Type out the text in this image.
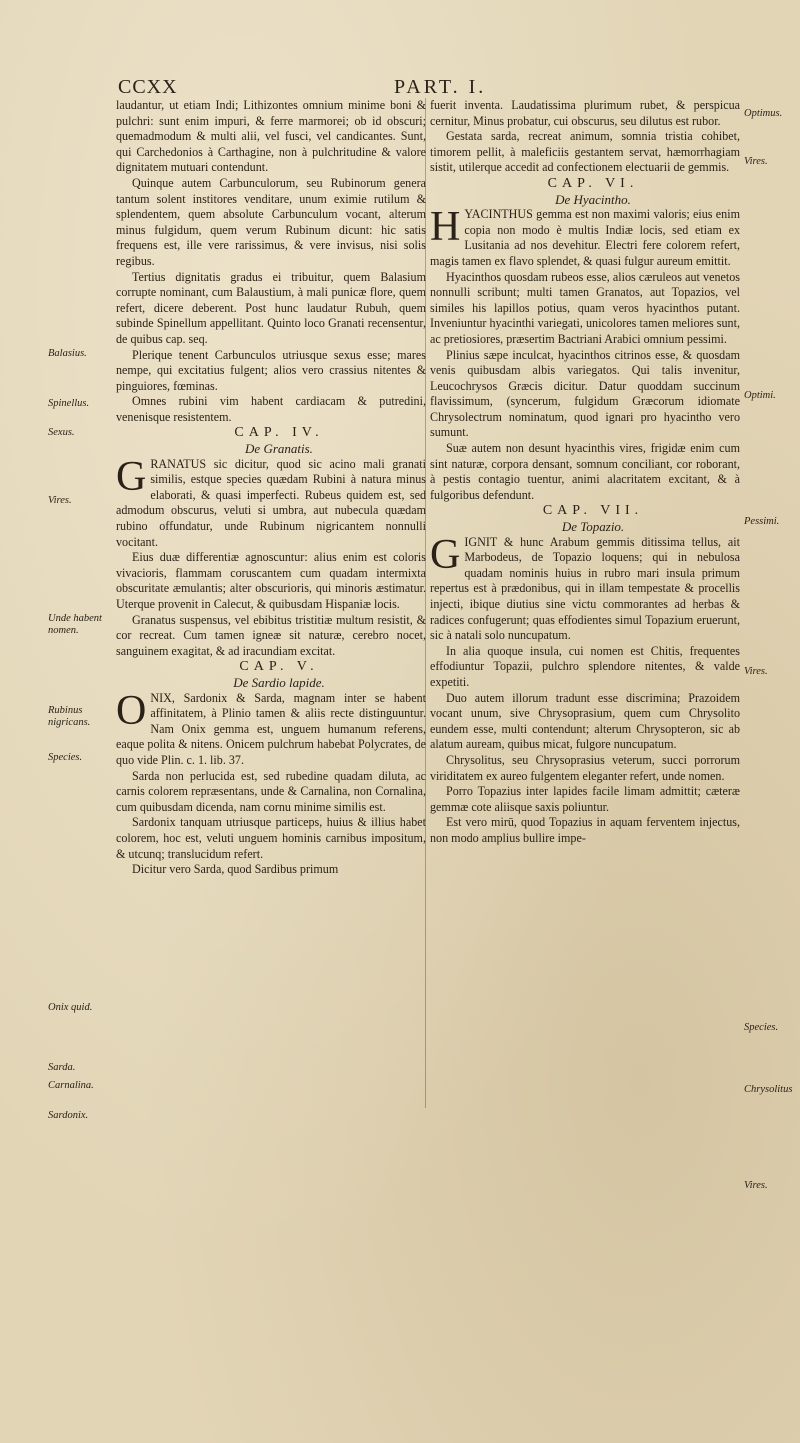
CCXX	PART. I.

laudantur, ut etiam Indi; Lithizontes omnium minime boni & pulchri: sunt enim impuri, & ferre marmorei; ob id obscuri; quemadmodum & multi alii, vel fusci, vel candicantes. Sunt, qui Carchedonios à Carthagine, non à pulchritudine & valore dignitatem mutuari contendunt.

Quinque autem Carbunculorum, seu Rubinorum genera tantum solent institores venditare, unum eximie rutilum & splendentem, quem absolute Carbunculum vocant, alterum minus fulgidum, quem verum Rubinum dicunt: hic satis frequens est, ille vere rarissimus, & vere invisus, nisi solis regibus.

Tertius dignitatis gradus ei tribuitur, quem Balasium corrupte nominant, cum Balaustium, à mali punicæ flore, quem refert, dicere deberent. Post hunc laudatur Rubuh, quem subinde Spinellum appellitant. Quinto loco Granati recensentur, de quibus cap. seq.

Plerique tenent Carbunculos utriusque sexus esse; mares nempe, qui excitatius fulgent; alios vero crassius nitentes & pinguiores, fœminas.

Omnes rubini vim habent cardiacam & putredini, venenisque resistentem.

CAP. IV.

De Granatis.

G RANATUS sic dicitur, quod sic acino mali granati similis, estque species quædam Rubini à natura minus elaborati, & quasi imperfecti. Rubeus quidem est, sed admodum obscurus, veluti si umbra, aut nubecula quædam rubino offundatur, unde Rubinum nigricantem nonnulli vocitant.

Eius duæ differentiæ agnoscuntur: alius enim est coloris vivacioris, flammam coruscantem cum quadam intermixta obscuritate æmulantis; alter obscurioris, qui minoris æstimatur. Uterque provenit in Calecut, & quibusdam Hispaniæ locis.

Granatus suspensus, vel ebibitus tristitiæ multum resistit, & cor recreat. Cum tamen igneæ sit naturæ, cerebro nocet, sanguinem exagitat, & ad iracundiam excitat.

CAP. V.

De Sardio lapide.

O NIX, Sardonix & Sarda, magnam inter se habent affinitatem, à Plinio tamen & aliis recte distinguuntur. Nam Onix gemma est, unguem humanum referens, eaque polita & nitens. Onicem pulchrum habebat Polycrates, de quo vide Plin. c. 1. lib. 37.

Sarda non perlucida est, sed rubedine quadam diluta, ac carnis colorem repræsentans, unde & Carnalina, non Cornalina, cum quibusdam dicenda, nam cornu minime similis est.

Sardonix tanquam utriusque particeps, huius & illius habet colorem, hoc est, veluti unguem hominis carnibus impositum, & utcunq; translucidum refert.

Dicitur vero Sarda, quod Sardibus primum

fuerit inventa. Laudatissima plurimum rubet, & perspicua cernitur, Minus probatur, cui obscurus, seu dilutus est rubor.

Gestata sarda, recreat animum, somnia tristia cohibet, timorem pellit, à maleficiis gestantem servat, hæmorrhagiam sistit, utilerque accedit ad confectionem electuarii de gemmis.

CAP. VI.

De Hyacintho.

H YACINTHUS gemma est non maximi valoris; eius enim copia non modo è multis Indiæ locis, sed etiam ex Lusitania ad nos devehitur. Electri fere colorem refert, magis tamen ex flavo splendet, & quasi fulgur aureum emittit.

Hyacinthos quosdam rubeos esse, alios cæruleos aut venetos nonnulli scribunt; multi tamen Granatos, aut Topazios, vel similes his lapillos potius, quam veros hyacinthos putant. Inveniuntur hyacinthi variegati, unicolores tamen meliores sunt, ac pretiosiores, præsertim Bactriani Arabici omnium pessimi.

Plinius sæpe inculcat, hyacinthos citrinos esse, & quosdam venis quibusdam albis variegatos. Qui talis invenitur, Leucochrysos Græcis dicitur. Datur quoddam succinum flavissimum, (syncerum, fulgidum Græcorum idiomate Chrysolectrum nominatum, quod ignari pro hyacintho vero sumunt.

Suæ autem non desunt hyacinthis vires, frigidæ enim cum sint naturæ, corpora densant, somnum conciliant, cor roborant, à pestis contagio tuentur, animi alacritatem excitant, & à fulgoribus defendunt.

CAP. VII.

De Topazio.

G IGNIT & hunc Arabum gemmis ditissima tellus, ait Marbodeus, de Topazio loquens; qui in nebulosa quadam nominis huius in rubro mari insula primum repertus est à prædonibus, qui in illam tempestate & procellis injecti, ibique diutius sine victu commorantes ad herbas & radices confugerunt; quas effodientes simul Topazium eruerunt, sic à natali solo nuncupatum.

In alia quoque insula, cui nomen est Chitis, frequentes effodiuntur Topazii, pulchro splendore nitentes, & valde expetiti.

Duo autem illorum tradunt esse discrimina; Prazoidem vocant unum, sive Chrysoprasium, quem cum Chrysolito eundem esse, multi contendunt; alterum Chrysopteron, sic ab alatum auream, quibus micat, fulgore nuncupatum.

Chrysolitus, seu Chrysoprasius veterum, succi porrorum viriditatem ex aureo fulgentem eleganter refert, unde nomen.

Porro Topazius inter lapides facile limam admittit; cæteræ gemmæ cote aliisque saxis poliuntur.

Est vero mirū, quod Topazius in aquam ferventem injectus, non modo amplius bullire impe-

Balasius.
Spinellus.
Sexus.
Vires.
Unde habent nomen.
Rubinus nigricans.
Species.
Onix quid.
Sarda.
Carnalina.
Sardonix.
Optimus.
Vires.
Optimi.
Pessimi.
Vires.
Species.
Chrysolitus
Vires.
